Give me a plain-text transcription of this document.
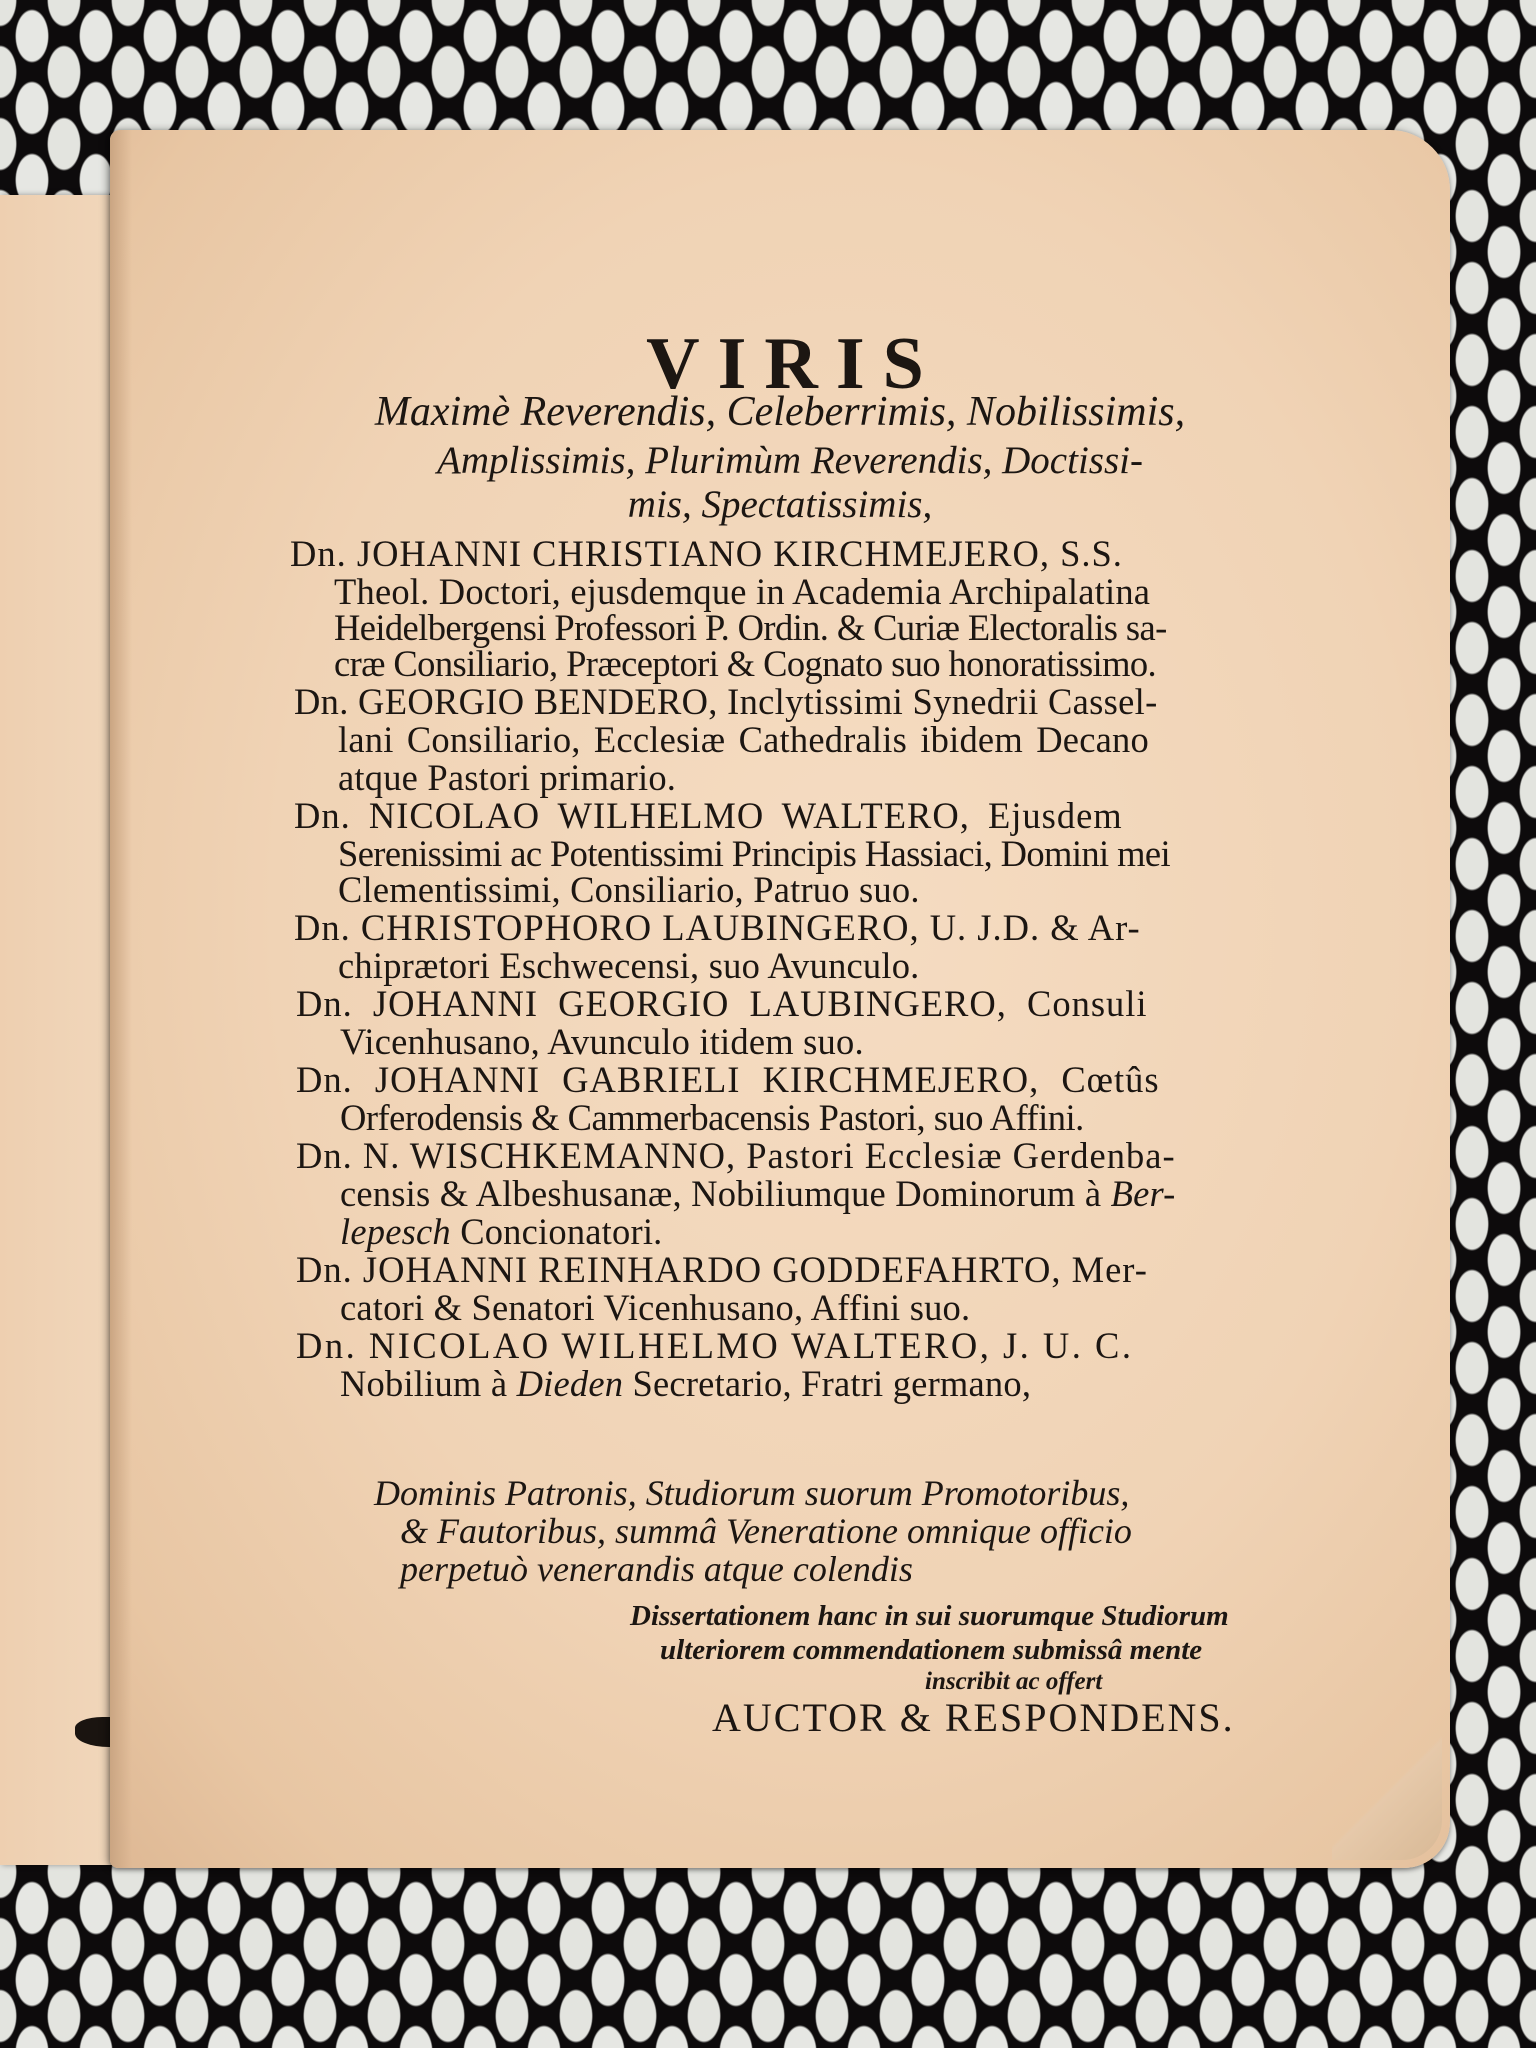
VIRIS
Maximè Reverendis, Celeberrimis, Nobilissimis,
Amplissimis, Plurimùm Reverendis, Doctissi-
mis, Spectatissimis,
Dn. JOHANNI CHRISTIANO KIRCHMEJERO, S.S.
Theol. Doctori, ejusdemque in Academia Archipalatina
Heidelbergensi Professori P. Ordin. & Curiæ Electoralis sa-
cræ Consiliario, Præceptori & Cognato suo honoratissimo.
Dn. GEORGIO BENDERO, Inclytissimi Synedrii Cassel-
lani Consiliario, Ecclesiæ Cathedralis ibidem Decano
atque Pastori primario.
Dn. NICOLAO WILHELMO WALTERO, Ejusdem
Serenissimi ac Potentissimi Principis Hassiaci, Domini mei
Clementissimi, Consiliario, Patruo suo.
Dn. CHRISTOPHORO LAUBINGERO, U. J.D. & Ar-
chiprætori Eschwecensi, suo Avunculo.
Dn. JOHANNI GEORGIO LAUBINGERO, Consuli
Vicenhusano, Avunculo itidem suo.
Dn. JOHANNI GABRIELI KIRCHMEJERO, Cœtûs
Orferodensis & Cammerbacensis Pastori, suo Affini.
Dn. N. WISCHKEMANNO, Pastori Ecclesiæ Gerdenba-
censis & Albeshusanæ, Nobiliumque Dominorum à Ber-
lepesch Concionatori.
Dn. JOHANNI REINHARDO GODDEFAHRTO, Mer-
catori & Senatori Vicenhusano, Affini suo.
Dn. NICOLAO WILHELMO WALTERO, J. U. C.
Nobilium à Dieden Secretario, Fratri germano,
Dominis Patronis, Studiorum suorum Promotoribus,
& Fautoribus, summâ Veneratione omnique officio
perpetuò venerandis atque colendis
Dissertationem hanc in sui suorumque Studiorum
ulteriorem commendationem submissâ mente
inscribit ac offert
AUCTOR & RESPONDENS.
